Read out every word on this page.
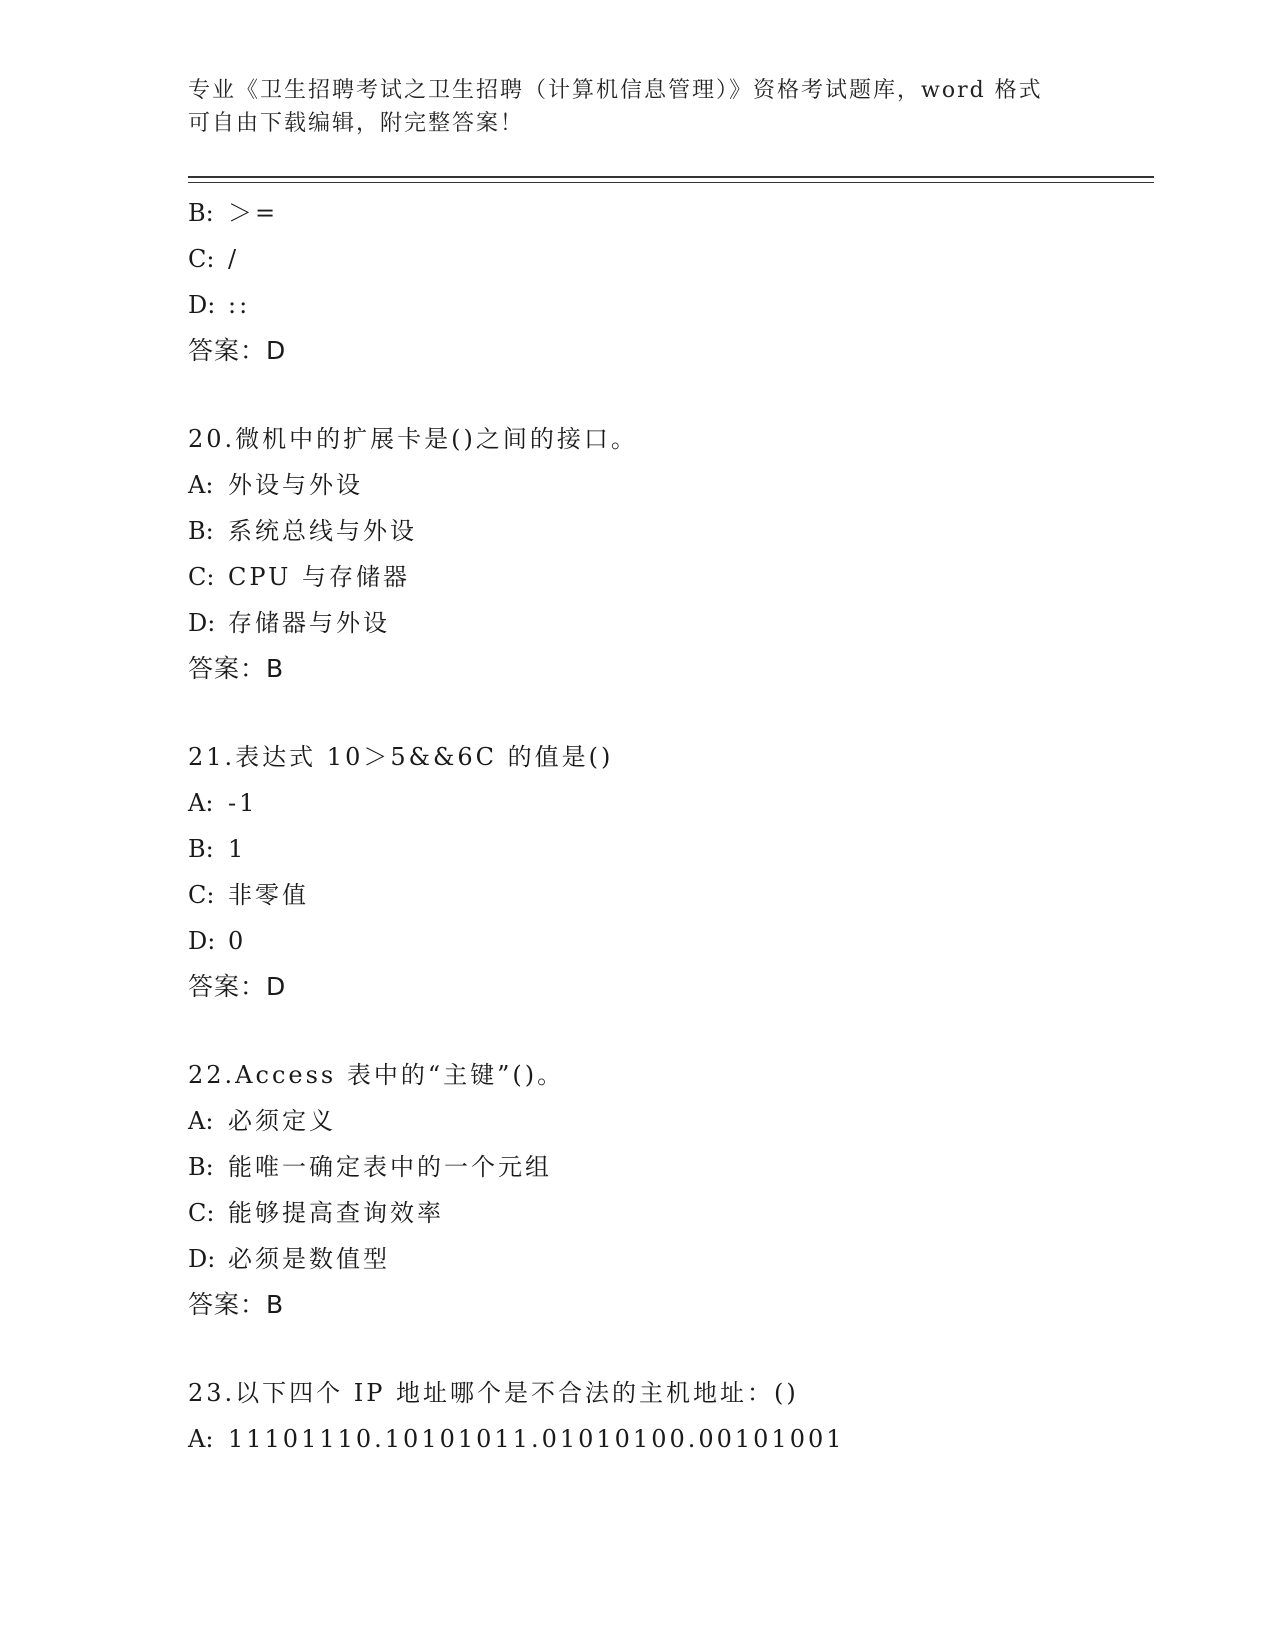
专业《卫生招聘考试之卫生招聘（计算机信息管理）》资格考试题库，word 格式
可自由下载编辑，附完整答案！
B: ＞=
C: /
D: ::
答案：D
20.微机中的扩展卡是()之间的接口。
A: 外设与外设
B: 系统总线与外设
C: CPU 与存储器
D: 存储器与外设
答案：B
21.表达式 10＞5&&6C 的值是()
A: -1
B: 1
C: 非零值
D: 0
答案：D
22.Access 表中的“主键”()。
A: 必须定义
B: 能唯一确定表中的一个元组
C: 能够提高查询效率
D: 必须是数值型
答案：B
23.以下四个 IP 地址哪个是不合法的主机地址：()
A: 11101110.10101011.01010100.00101001
